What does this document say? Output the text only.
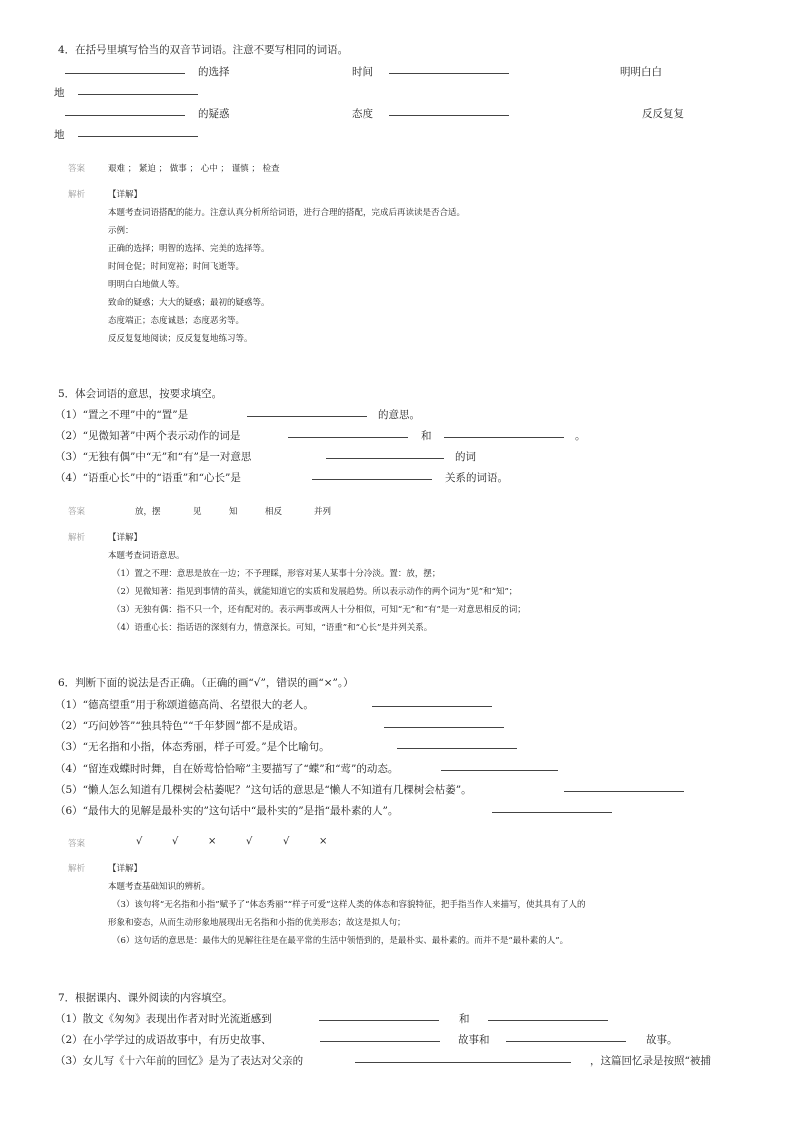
4．在括号里填写恰当的双音节词语。注意不要写相同的词语。
的选择	时间	明明白白
地
的疑惑	态度	反反复复
地
答案	艰难 ； 紧迫 ； 做事 ； 心中 ； 谨慎 ； 检查
解析	【详解】
本题考查词语搭配的能力。注意认真分析所给词语，进行合理的搭配，完成后再读读是否合适。
示例：
正确的选择；明智的选择、完美的选择等。
时间仓促；时间宽裕；时间飞逝等。
明明白白地做人等。
致命的疑惑；大大的疑惑；最初的疑惑等。
态度端正；态度诚恳；态度恶劣等。
反反复复地阅读；反反复复地练习等。
5．体会词语的意思，按要求填空。
（1）“置之不理”中的“置”是	的意思。
（2）“见微知著”中两个表示动作的词是	和	。
（3）“无独有偶”中“无”和“有”是一对意思	的词
（4）“语重心长”中的“语重”和“心长”是	关系的词语。
答案	放，摆	见	知	相反	并列
解析	【详解】
本题考查词语意思。
（1）置之不理：意思是放在一边；不予理睬，形容对某人某事十分冷淡。置：放，摆；
（2）见微知著：指见到事情的苗头，就能知道它的实质和发展趋势。所以表示动作的两个词为“见”和“知”；
（3）无独有偶：指不只一个，还有配对的。表示两事或两人十分相似，可知“无”和“有”是一对意思相反的词；
（4）语重心长：指话语的深刻有力，情意深长。可知，“语重”和“心长”是并列关系。
6．判断下面的说法是否正确。（正确的画“√”，错误的画“×”。）
（1）“德高望重”用于称颂道德高尚、名望很大的老人。
（2）“巧问妙答”“独具特色”“千年梦圆”都不是成语。
（3）“无名指和小指，体态秀丽，样子可爱。”是个比喻句。
（4）“留连戏蝶时时舞，自在娇莺恰恰啼”主要描写了“蝶”和“莺”的动态。
（5）“懒人怎么知道有几棵树会枯萎呢？”这句话的意思是“懒人不知道有几棵树会枯萎”。
（6）“最伟大的见解是最朴实的”这句话中“最朴实的”是指“最朴素的人”。
答案	√	√	×	√	√	×
解析	【详解】
本题考查基础知识的辨析。
（3）该句将“无名指和小指”赋予了“体态秀丽”“样子可爱”这样人类的体态和容貌特征，把手指当作人来描写，使其具有了人的
形象和姿态，从而生动形象地展现出无名指和小指的优美形态；故这是拟人句；
（6）这句话的意思是：最伟大的见解往往是在最平常的生活中领悟到的，是最朴实、最朴素的。而并不是“最朴素的人”。
7．根据课内、课外阅读的内容填空。
（1）散文《匆匆》表现出作者对时光流逝感到	和
（2）在小学学过的成语故事中，有历史故事、	故事和	故事。
（3）女儿写《十六年前的回忆》是为了表达对父亲的	，这篇回忆录是按照“被捕
